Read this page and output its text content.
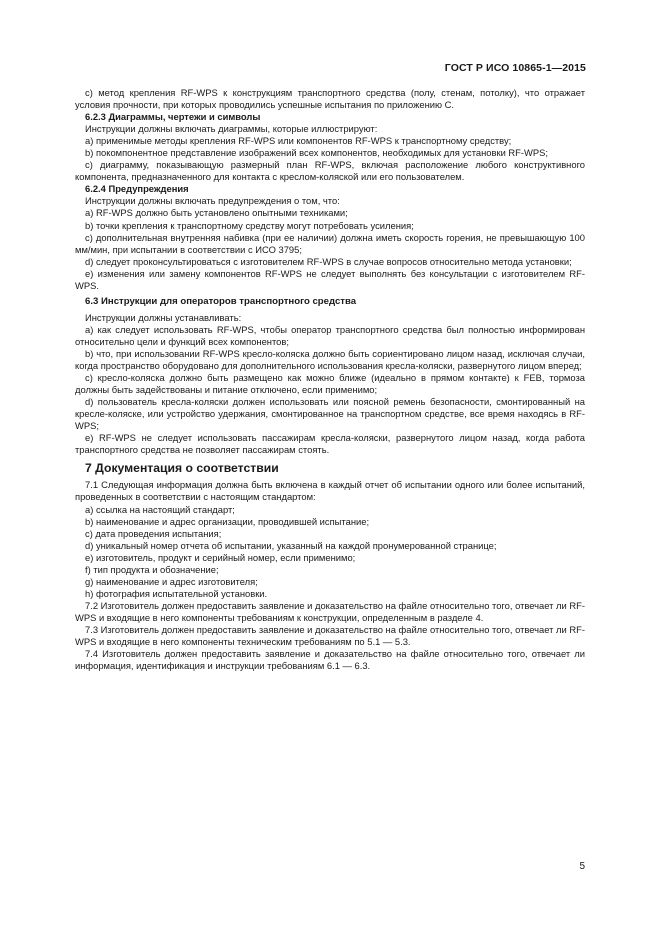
ГОСТ Р ИСО 10865-1—2015
c) метод крепления RF-WPS к конструкциям транспортного средства (полу, стенам, потолку), что отражает условия прочности, при которых проводились успешные испытания по приложению С.
6.2.3 Диаграммы, чертежи и символы
Инструкции должны включать диаграммы, которые иллюстрируют:
а) применимые методы крепления RF-WPS или компонентов RF-WPS к транспортному средству;
b) покомпонентное представление изображений всех компонентов, необходимых для установки RF-WPS;
c) диаграмму, показывающую размерный план RF-WPS, включая расположение любого конструктивного компонента, предназначенного для контакта с креслом-коляской или его пользователем.
6.2.4 Предупреждения
Инструкции должны включать предупреждения о том, что:
а) RF-WPS должно быть установлено опытными техниками;
b) точки крепления к транспортному средству могут потребовать усиления;
c) дополнительная внутренняя набивка (при ее наличии) должна иметь скорость горения, не превышающую 100 мм/мин, при испытании в соответствии с ИСО 3795;
d) следует проконсультироваться с изготовителем RF-WPS в случае вопросов относительно метода установки;
e) изменения или замену компонентов RF-WPS не следует выполнять без консультации с изготовителем RF-WPS.
6.3 Инструкции для операторов транспортного средства
Инструкции должны устанавливать:
а) как следует использовать RF-WPS, чтобы оператор транспортного средства был полностью информирован относительно цели и функций всех компонентов;
b) что, при использовании RF-WPS кресло-коляска должно быть сориентировано лицом назад, исключая случаи, когда пространство оборудовано для дополнительного использования кресла-коляски, развернутого лицом вперед;
c) кресло-коляска должно быть размещено как можно ближе (идеально в прямом контакте) к FEB, тормоза должны быть задействованы и питание отключено, если применимо;
d) пользователь кресла-коляски должен использовать или поясной ремень безопасности, смонтированный на кресле-коляске, или устройство удержания, смонтированное на транспортном средстве, все время находясь в RF-WPS;
e) RF-WPS не следует использовать пассажирам кресла-коляски, развернутого лицом назад, когда работа транспортного средства не позволяет пассажирам стоять.
7 Документация о соответствии
7.1 Следующая информация должна быть включена в каждый отчет об испытании одного или более испытаний, проведенных в соответствии с настоящим стандартом:
а) ссылка на настоящий стандарт;
b) наименование и адрес организации, проводившей испытание;
c) дата проведения испытания;
d) уникальный номер отчета об испытании, указанный на каждой пронумерованной странице;
e) изготовитель, продукт и серийный номер, если применимо;
f) тип продукта и обозначение;
g) наименование и адрес изготовителя;
h) фотография испытательной установки.
7.2 Изготовитель должен предоставить заявление и доказательство на файле относительно того, отвечает ли RF-WPS и входящие в него компоненты требованиям к конструкции, определенным в разделе 4.
7.3 Изготовитель должен предоставить заявление и доказательство на файле относительно того, отвечает ли RF-WPS и входящие в него компоненты техническим требованиям по 5.1 — 5.3.
7.4 Изготовитель должен предоставить заявление и доказательство на файле относительно того, отвечает ли информация, идентификация и инструкции требованиям 6.1 — 6.3.
5
